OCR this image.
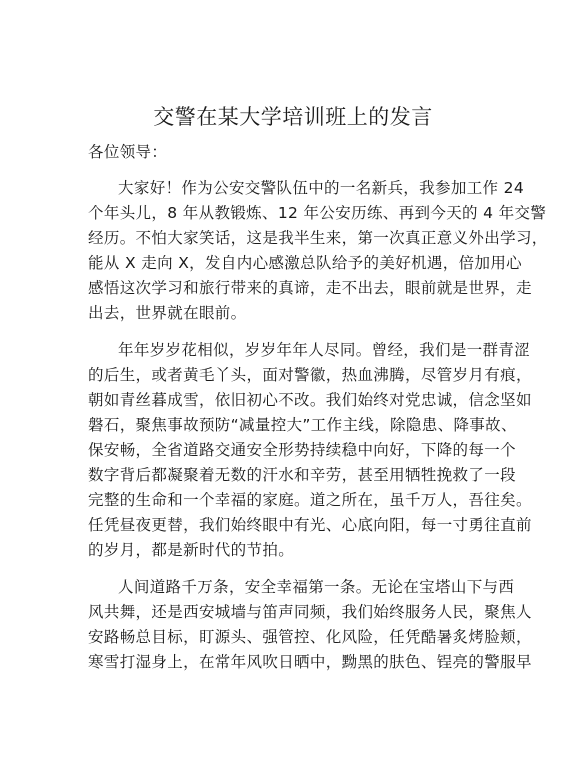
交警在某大学培训班上的发言
各位领导：
大家好！作为公安交警队伍中的一名新兵，我参加工作 24
个年头儿，8 年从教锻炼、12 年公安历练、再到今天的 4 年交警
经历。不怕大家笑话，这是我半生来，第一次真正意义外出学习，
能从 X 走向 X，发自内心感激总队给予的美好机遇，倍加用心
感悟这次学习和旅行带来的真谛，走不出去，眼前就是世界，走
出去，世界就在眼前。
年年岁岁花相似，岁岁年年人尽同。曾经，我们是一群青涩
的后生，或者黄毛丫头，面对警徽，热血沸腾，尽管岁月有痕，
朝如青丝暮成雪，依旧初心不改。我们始终对党忠诚，信念坚如
磐石，聚焦事故预防“减量控大”工作主线，除隐患、降事故、
保安畅，全省道路交通安全形势持续稳中向好，下降的每一个
数字背后都凝聚着无数的汗水和辛劳，甚至用牺牲挽救了一段
完整的生命和一个幸福的家庭。道之所在，虽千万人，吾往矣。
任凭昼夜更替，我们始终眼中有光、心底向阳，每一寸勇往直前
的岁月，都是新时代的节拍。
人间道路千万条，安全幸福第一条。无论在宝塔山下与西
风共舞，还是西安城墙与笛声同频，我们始终服务人民，聚焦人
安路畅总目标，盯源头、强管控、化风险，任凭酷暑炙烤脸颊，
寒雪打湿身上，在常年风吹日晒中，黝黑的肤色、锃亮的警服早
